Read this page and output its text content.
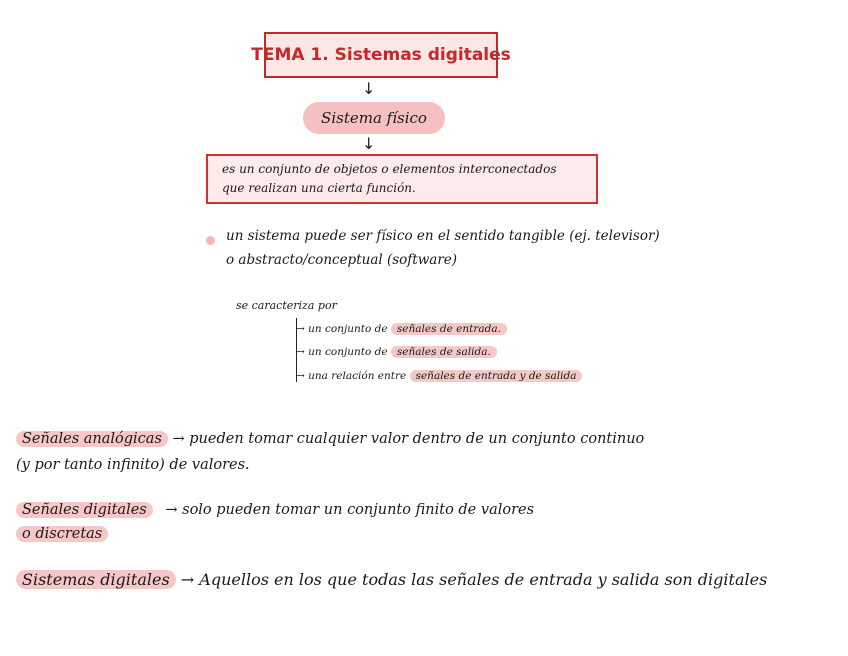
TEMA 1. Sistemas digitales
↓
Sistema físico
↓
es un conjunto de objetos o elementos interconectados
que realizan una cierta función.
un sistema puede ser físico en el sentido tangible (ej. televisor)
o abstracto/conceptual (software)
se caracteriza por
→ un conjunto de señales de entrada.
→ un conjunto de señales de salida.
→ una relación entre señales de entrada y de salida
Señales analógicas → pueden tomar cualquier valor dentro de un conjunto continuo
(y por tanto infinito) de valores.
Señales digitales → solo pueden tomar un conjunto finito de valores
o discretas
Sistemas digitales → Aquellos en los que todas las señales de entrada y salida son digitales
